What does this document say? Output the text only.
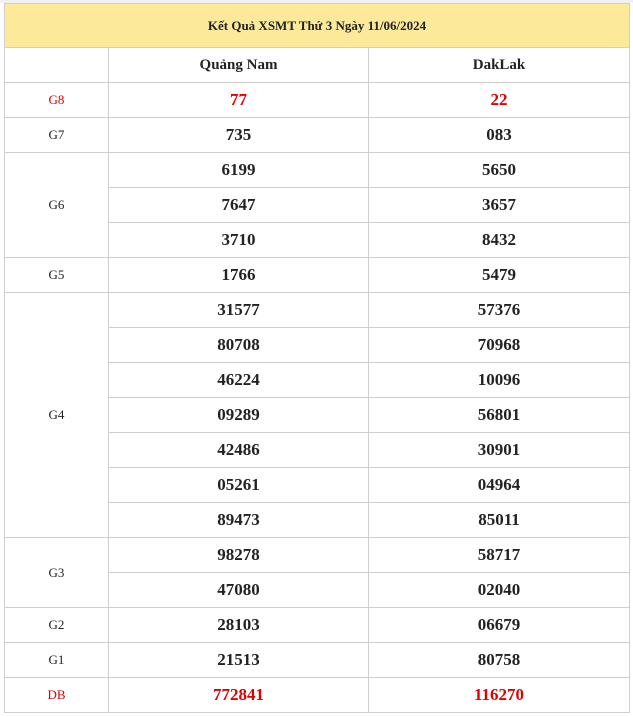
Kết Quả XSMT Thứ 3 Ngày 11/06/2024		
	Quảng Nam	DakLak
G8	77	22
G7	735	083
G6	6199	5650
	7647	3657
	3710	8432
G5	1766	5479
G4	31577	57376
	80708	70968
	46224	10096
	09289	56801
	42486	30901
	05261	04964
	89473	85011
G3	98278	58717
	47080	02040
G2	28103	06679
G1	21513	80758
DB	772841	116270
